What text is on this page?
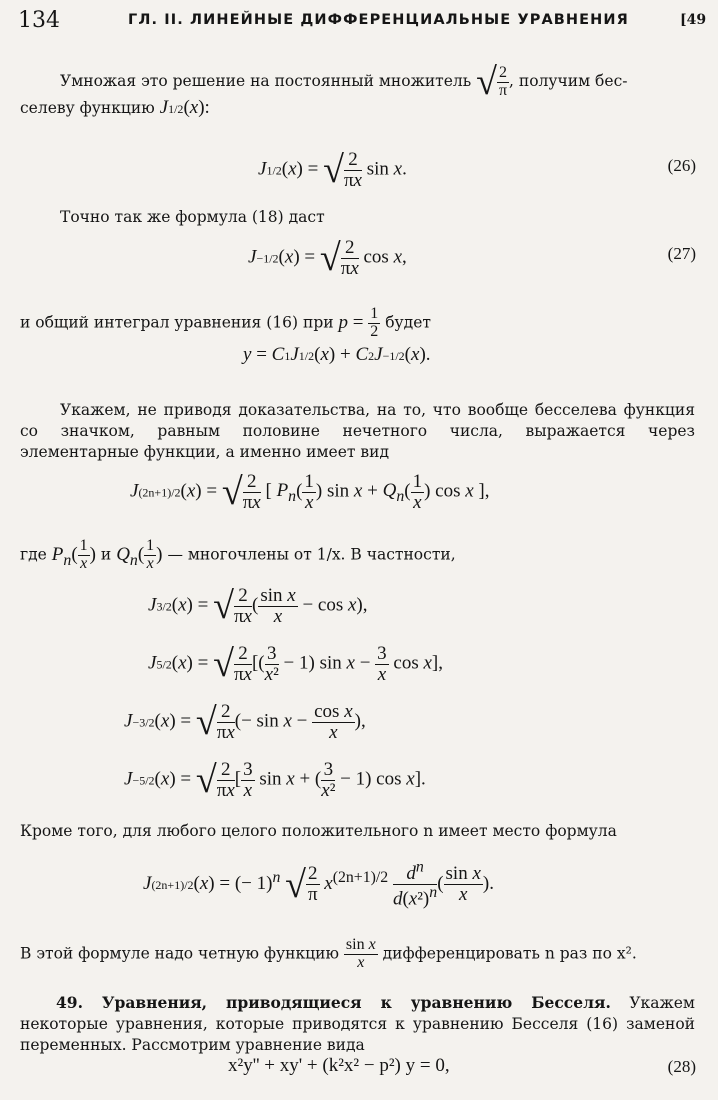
134	ГЛ. II. ЛИНЕЙНЫЕ ДИФФЕРЕНЦИАЛЬНЫЕ УРАВНЕНИЯ	[49
Умножая это решение на постоянный множитель √ $\frac{2}{\pi}$ , получим бес-
селеву функцию J1/2(x):
J1/2(x) = √ $\frac{2}{\pi x}$ sin x.	(26)
Точно так же формула (18) даст
J−1/2(x) = √ $\frac{2}{\pi x}$ cos x,	(27)
и общий интеграл уравнения (16) при $p = \frac{1}{2}$ будет
y = C1J1/2(x) + C2J−1/2(x).
Укажем, не приводя доказательства, на то, что вообще бесселева функция со значком, равным половине нечетного числа, выражается через элементарные функции, а именно имеет вид
J(2n+1)/2(x) = √ $\frac{2}{\pi x}$ [ $P_n( \frac{1}{x}$ ) $\sin x + Q_n( \frac{1}{x}$ ) cos x ],
где $P_n( \frac{1}{x}$ ) и $Q_n( \frac{1}{x}$ ) — многочлены от 1/x. В частности,
J3/2(x) = √ $\frac{2}{\pi x}$ ( $\frac{\text{sin x}}{x} - \cos x$),
J5/2(x) = √ $\frac{2}{\pi x}$ [( $\frac{3}{\text{x²}} - 1$) $\sin x - \frac{3}{x}$ cos x],
J−3/2(x) = √ $\frac{2}{\pi x}$ (− $\sin x - \frac{\text{cos x}}{x}$ ),
J−5/2(x) = √ $\frac{2}{\pi x}$ [ $\frac{3}{x}$ sin x + ( $\frac{3}{\text{x²}} - 1$) cos x].
Кроме того, для любого целого положительного n имеет место формула
J(2n+1)/2(x) = (− 1)$^n$ √ $\frac{2}{\pi} x^{(2n+1)/2} \frac{d^n}{d(x^2)^n}$ ( $\frac{\text{sin x}}{x}$ ).
В этой формуле надо четную функцию $\frac{\text{sin x}}{x}$ дифференцировать n раз по x².
49. Уравнения, приводящиеся к уравнению Бесселя. Укажем некоторые уравнения, которые приводятся к уравнению Бесселя (16) заменой переменных. Рассмотрим уравнение вида
x²y'' + xy' + (k²x² − p²) y = 0,	(28)
